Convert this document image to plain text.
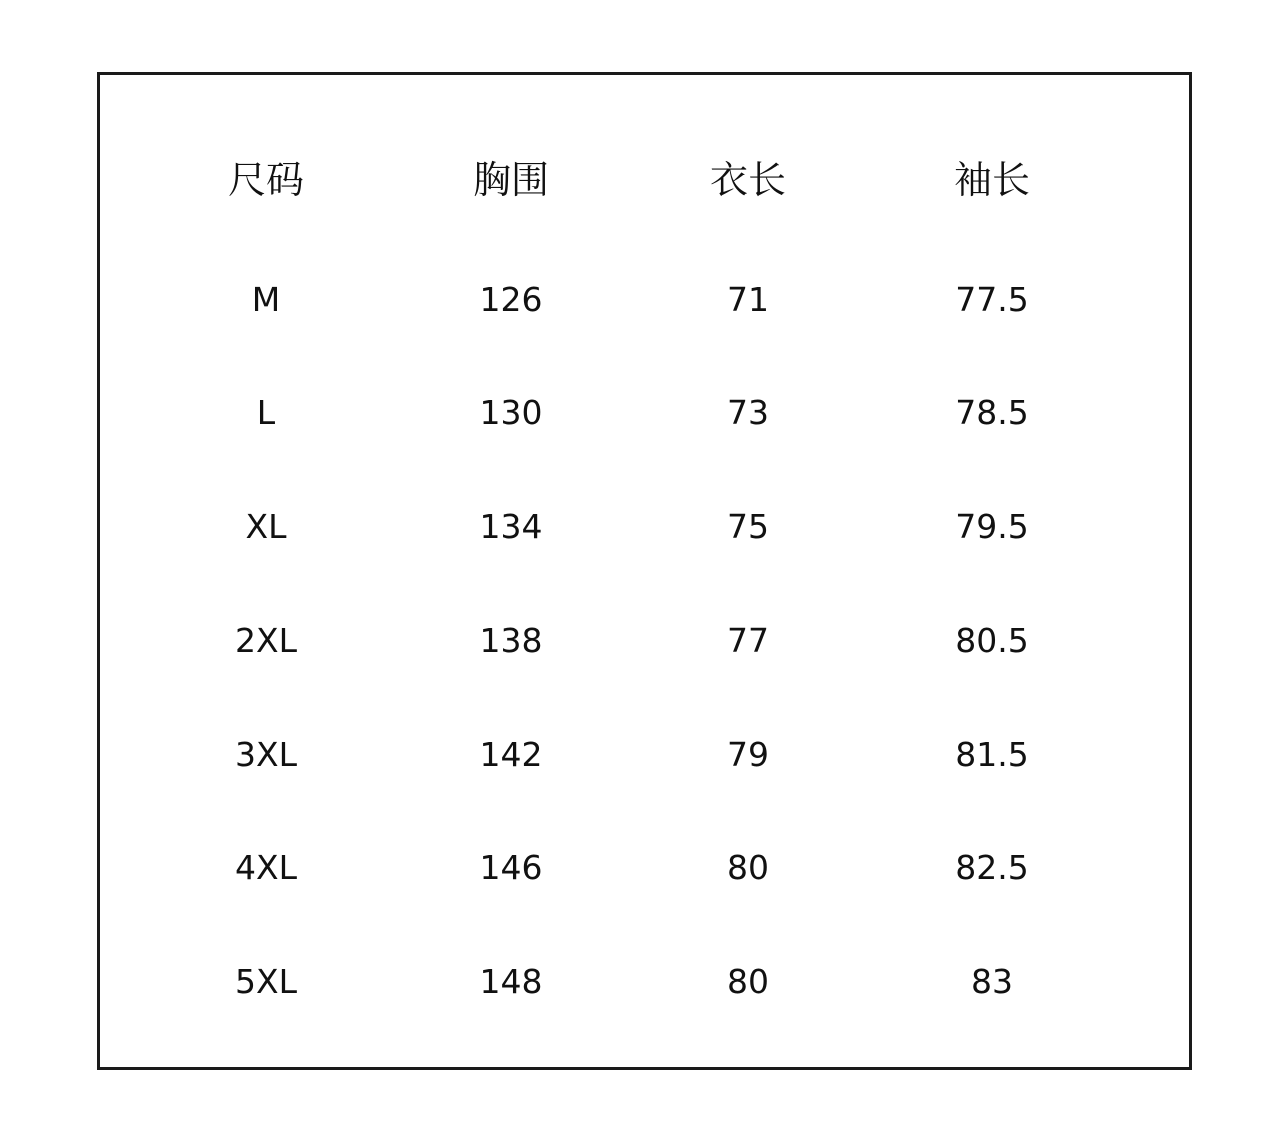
尺码	胸围	衣长	袖长
M	126	71	77.5
L	130	73	78.5
XL	134	75	79.5
2XL	138	77	80.5
3XL	142	79	81.5
4XL	146	80	82.5
5XL	148	80	83
